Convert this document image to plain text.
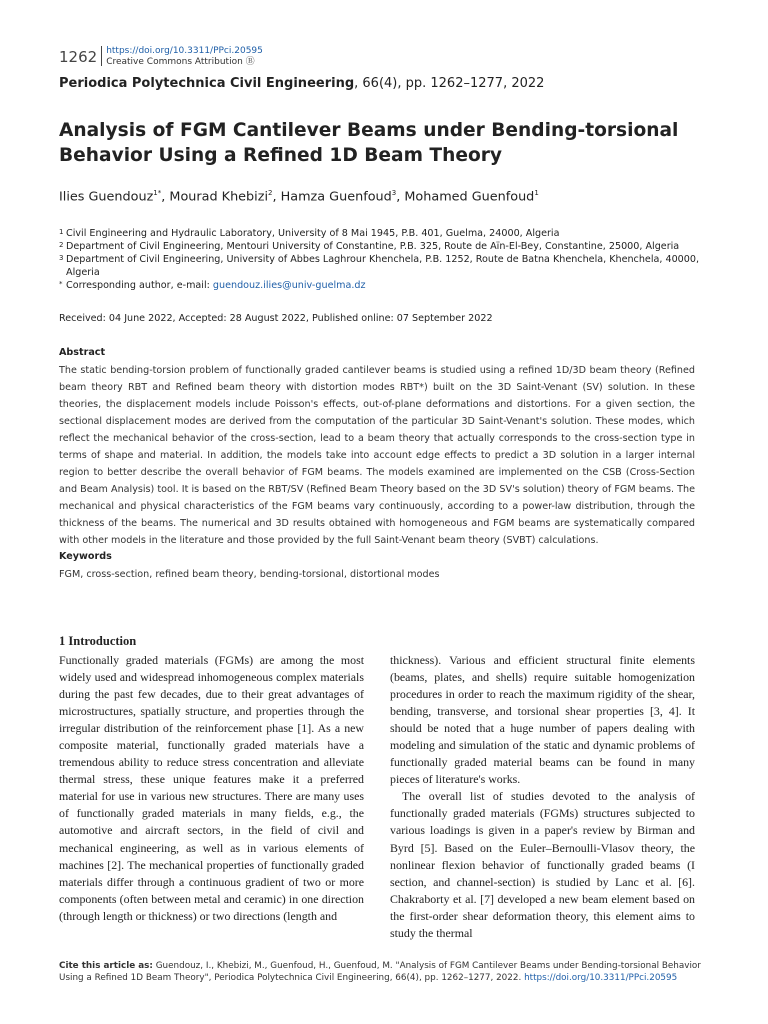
1262	https://doi.org/10.3311/PPci.20595
Creative Commons Attribution Ⓑ
Periodica Polytechnica Civil Engineering, 66(4), pp. 1262–1277, 2022
Analysis of FGM Cantilever Beams under Bending-torsional Behavior Using a Refined 1D Beam Theory
Ilies Guendouz$^{1*}$, Mourad Khebizi$^2$, Hamza Guenfoud$^3$, Mohamed Guenfoud$^1$
1 Civil Engineering and Hydraulic Laboratory, University of 8 Mai 1945, P.B. 401, Guelma, 24000, Algeria
2 Department of Civil Engineering, Mentouri University of Constantine, P.B. 325, Route de Aïn-El-Bey, Constantine, 25000, Algeria
3 Department of Civil Engineering, University of Abbes Laghrour Khenchela, P.B. 1252, Route de Batna Khenchela, Khenchela, 40000, Algeria
* Corresponding author, e-mail: guendouz.ilies@univ-guelma.dz
Received: 04 June 2022, Accepted: 28 August 2022, Published online: 07 September 2022
Abstract

The static bending-torsion problem of functionally graded cantilever beams is studied using a refined 1D/3D beam theory (Refined beam theory RBT and Refined beam theory with distortion modes RBT*) built on the 3D Saint-Venant (SV) solution. In these theories, the displacement models include Poisson's effects, out-of-plane deformations and distortions. For a given section, the sectional displacement modes are derived from the computation of the particular 3D Saint-Venant's solution. These modes, which reflect the mechanical behavior of the cross-section, lead to a beam theory that actually corresponds to the cross-section type in terms of shape and material. In addition, the models take into account edge effects to predict a 3D solution in a larger internal region to better describe the overall behavior of FGM beams. The models examined are implemented on the CSB (Cross-Section and Beam Analysis) tool. It is based on the RBT/SV (Refined Beam Theory based on the 3D SV's solution) theory of FGM beams. The mechanical and physical characteristics of the FGM beams vary continuously, according to a power-law distribution, through the thickness of the beams. The numerical and 3D results obtained with homogeneous and FGM beams are systematically compared with other models in the literature and those provided by the full Saint-Venant beam theory (SVBT) calculations.

Keywords
FGM, cross-section, refined beam theory, bending-torsional, distortional modes
1 Introduction

Functionally graded materials (FGMs) are among the most widely used and widespread inhomogeneous complex materials during the past few decades, due to their great advantages of microstructures, spatially structure, and properties through the irregular distribution of the reinforcement phase [1]. As a new composite material, functionally graded materials have a tremendous ability to reduce stress concentration and alleviate thermal stress, these unique features make it a preferred material for use in various new structures. There are many uses of functionally graded materials in many fields, e.g., the automotive and aircraft sectors, in the field of civil and mechanical engineering, as well as in various elements of machines [2]. The mechanical properties of functionally graded materials differ through a continuous gradient of two or more components (often between metal and ceramic) in one direction (through length or thickness) or two directions (length and

thickness). Various and efficient structural finite elements (beams, plates, and shells) require suitable homogenization procedures in order to reach the maximum rigidity of the shear, bending, transverse, and torsional shear properties [3, 4]. It should be noted that a huge number of papers dealing with modeling and simulation of the static and dynamic problems of functionally graded material beams can be found in many pieces of literature's works.

The overall list of studies devoted to the analysis of functionally graded materials (FGMs) structures subjected to various loadings is given in a paper's review by Birman and Byrd [5]. Based on the Euler–Bernoulli-Vlasov theory, the nonlinear flexion behavior of functionally graded beams (I section, and channel-section) is studied by Lanc et al. [6]. Chakraborty et al. [7] developed a new beam element based on the first-order shear deformation theory, this element aims to study the thermal

Cite this article as: Guendouz, I., Khebizi, M., Guenfoud, H., Guenfoud, M. "Analysis of FGM Cantilever Beams under Bending-torsional Behavior Using a Refined 1D Beam Theory", Periodica Polytechnica Civil Engineering, 66(4), pp. 1262–1277, 2022. https://doi.org/10.3311/PPci.20595
